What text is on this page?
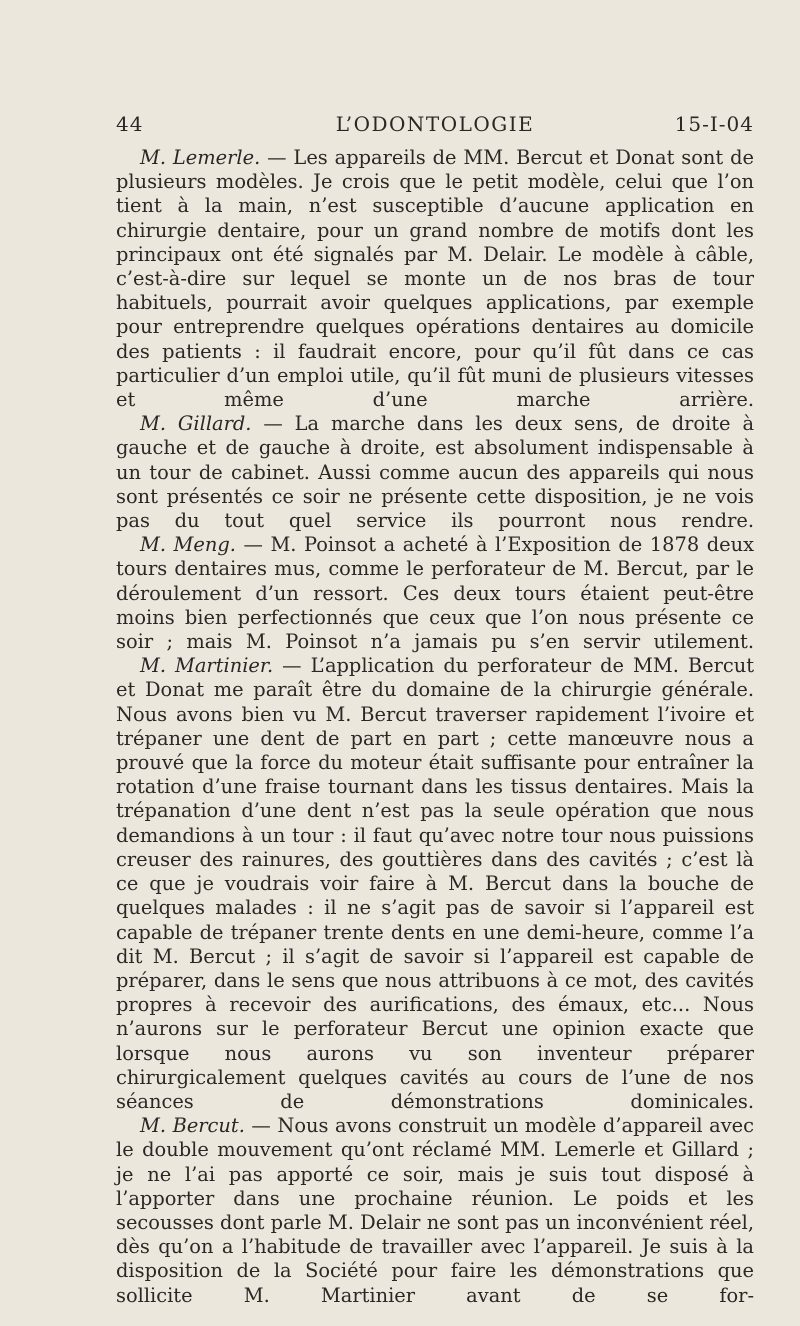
44	L’ODONTOLOGIE	15-I-04

M. Lemerle. — Les appareils de MM. Bercut et Donat sont de plusieurs modèles. Je crois que le petit modèle, celui que l’on tient à la main, n’est susceptible d’aucune application en chirurgie dentaire, pour un grand nombre de motifs dont les principaux ont été signalés par M. Delair. Le modèle à câble, c’est-à-dire sur lequel se monte un de nos bras de tour habituels, pourrait avoir quelques applications, par exemple pour entreprendre quelques opérations dentaires au domicile des patients : il faudrait encore, pour qu’il fût dans ce cas particulier d’un emploi utile, qu’il fût muni de plusieurs vitesses et même d’une marche arrière.

M. Gillard. — La marche dans les deux sens, de droite à gauche et de gauche à droite, est absolument indispensable à un tour de cabinet. Aussi comme aucun des appareils qui nous sont présentés ce soir ne présente cette disposition, je ne vois pas du tout quel service ils pourront nous rendre.

M. Meng. — M. Poinsot a acheté à l’Exposition de 1878 deux tours dentaires mus, comme le perforateur de M. Bercut, par le déroulement d’un ressort. Ces deux tours étaient peut-être moins bien perfectionnés que ceux que l’on nous présente ce soir ; mais M. Poinsot n’a jamais pu s’en servir utilement.

M. Martinier. — L’application du perforateur de MM. Bercut et Donat me paraît être du domaine de la chirurgie générale. Nous avons bien vu M. Bercut traverser rapidement l’ivoire et trépaner une dent de part en part ; cette manœuvre nous a prouvé que la force du moteur était suffisante pour entraîner la rotation d’une fraise tournant dans les tissus dentaires. Mais la trépanation d’une dent n’est pas la seule opération que nous demandions à un tour : il faut qu’avec notre tour nous puissions creuser des rainures, des gouttières dans des cavités ; c’est là ce que je voudrais voir faire à M. Bercut dans la bouche de quelques malades : il ne s’agit pas de savoir si l’appareil est capable de trépaner trente dents en une demi-heure, comme l’a dit M. Bercut ; il s’agit de savoir si l’appareil est capable de préparer, dans le sens que nous attribuons à ce mot, des cavités propres à recevoir des aurifications, des émaux, etc... Nous n’aurons sur le perforateur Bercut une opinion exacte que lorsque nous aurons vu son inventeur préparer chirurgicalement quelques cavités au cours de l’une de nos séances de démonstrations dominicales.

M. Bercut. — Nous avons construit un modèle d’appareil avec le double mouvement qu’ont réclamé MM. Lemerle et Gillard ; je ne l’ai pas apporté ce soir, mais je suis tout disposé à l’apporter dans une prochaine réunion. Le poids et les secousses dont parle M. Delair ne sont pas un inconvénient réel, dès qu’on a l’habitude de travailler avec l’appareil. Je suis à la disposition de la Société pour faire les démonstrations que sollicite M. Martinier avant de se for-
